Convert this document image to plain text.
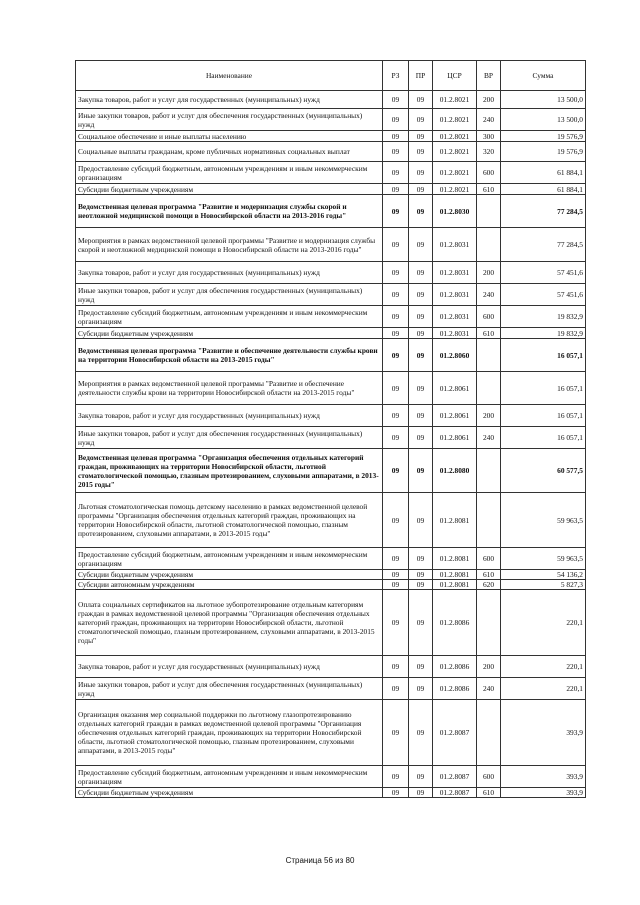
Наименование	РЗ	ПР	ЦСР	ВР	Сумма
Закупка товаров, работ и услуг для государственных (муниципальных) нужд	09	09	01.2.8021	200	13 500,0
Иные закупки товаров, работ и услуг для обеспечения государственных (муниципальных) нужд	09	09	01.2.8021	240	13 500,0
Социальное обеспечение и иные выплаты населению	09	09	01.2.8021	300	19 576,9
Социальные выплаты гражданам, кроме публичных нормативных социальных выплат	09	09	01.2.8021	320	19 576,9
Предоставление субсидий бюджетным, автономным учреждениям и иным некоммерческим организациям	09	09	01.2.8021	600	61 884,1
Субсидии бюджетным учреждениям	09	09	01.2.8021	610	61 884,1
Ведомственная целевая программа "Развитие и модернизация службы скорой и неотложной медицинской помощи в Новосибирской области на 2013-2016 годы"	09	09	01.2.8030		77 284,5
Мероприятия в рамках ведомственной целевой программы "Развитие и модернизация службы скорой и неотложной медицинской помощи в Новосибирской области на 2013-2016 годы"	09	09	01.2.8031		77 284,5
Закупка товаров, работ и услуг для государственных (муниципальных) нужд	09	09	01.2.8031	200	57 451,6
Иные закупки товаров, работ и услуг для обеспечения государственных (муниципальных) нужд	09	09	01.2.8031	240	57 451,6
Предоставление субсидий бюджетным, автономным учреждениям и иным некоммерческим организациям	09	09	01.2.8031	600	19 832,9
Субсидии бюджетным учреждениям	09	09	01.2.8031	610	19 832,9
Ведомственная целевая программа "Развитие и обеспечение деятельности службы крови на территории Новосибирской области на 2013-2015 годы"	09	09	01.2.8060		16 057,1
Мероприятия в рамках ведомственной целевой программы "Развитие и обеспечение деятельности службы крови на территории Новосибирской области на 2013-2015 годы"	09	09	01.2.8061		16 057,1
Закупка товаров, работ и услуг для государственных (муниципальных) нужд	09	09	01.2.8061	200	16 057,1
Иные закупки товаров, работ и услуг для обеспечения государственных (муниципальных) нужд	09	09	01.2.8061	240	16 057,1
Ведомственная целевая программа "Организация обеспечения отдельных категорий граждан, проживающих на территории Новосибирской области, льготной стоматологической помощью, глазным протезированием, слуховыми аппаратами, в 2013-2015 годы"	09	09	01.2.8080		60 577,5
Льготная стоматологическая помощь детскому населению в рамках ведомственной целевой программы "Организация обеспечения отдельных категорий граждан, проживающих на территории Новосибирской области, льготной стоматологической помощью, глазным протезированием, слуховыми аппаратами, в 2013-2015 годы"	09	09	01.2.8081		59 963,5
Предоставление субсидий бюджетным, автономным учреждениям и иным некоммерческим организациям	09	09	01.2.8081	600	59 963,5
Субсидии бюджетным учреждениям	09	09	01.2.8081	610	54 136,2
Субсидии автономным учреждениям	09	09	01.2.8081	620	5 827,3
Оплата социальных сертификатов на льготное зубопротезирование отдельным категориям граждан в рамках ведомственной целевой программы "Организация обеспечения отдельных категорий граждан, проживающих на территории Новосибирской области, льготной стоматологической помощью, глазным протезированием, слуховыми аппаратами, в 2013-2015 годы"	09	09	01.2.8086		220,1
Закупка товаров, работ и услуг для государственных (муниципальных) нужд	09	09	01.2.8086	200	220,1
Иные закупки товаров, работ и услуг для обеспечения государственных (муниципальных) нужд	09	09	01.2.8086	240	220,1
Организация оказания мер социальной поддержки по льготному глазопротезированию отдельных категорий граждан в рамках ведомственной целевой программы "Организация обеспечения отдельных категорий граждан, проживающих на территории Новосибирской области, льготной стоматологической помощью, глазным протезированием, слуховыми аппаратами, в 2013-2015 годы"	09	09	01.2.8087		393,9
Предоставление субсидий бюджетным, автономным учреждениям и иным некоммерческим организациям	09	09	01.2.8087	600	393,9
Субсидии бюджетным учреждениям	09	09	01.2.8087	610	393,9
Страница 56 из 80
